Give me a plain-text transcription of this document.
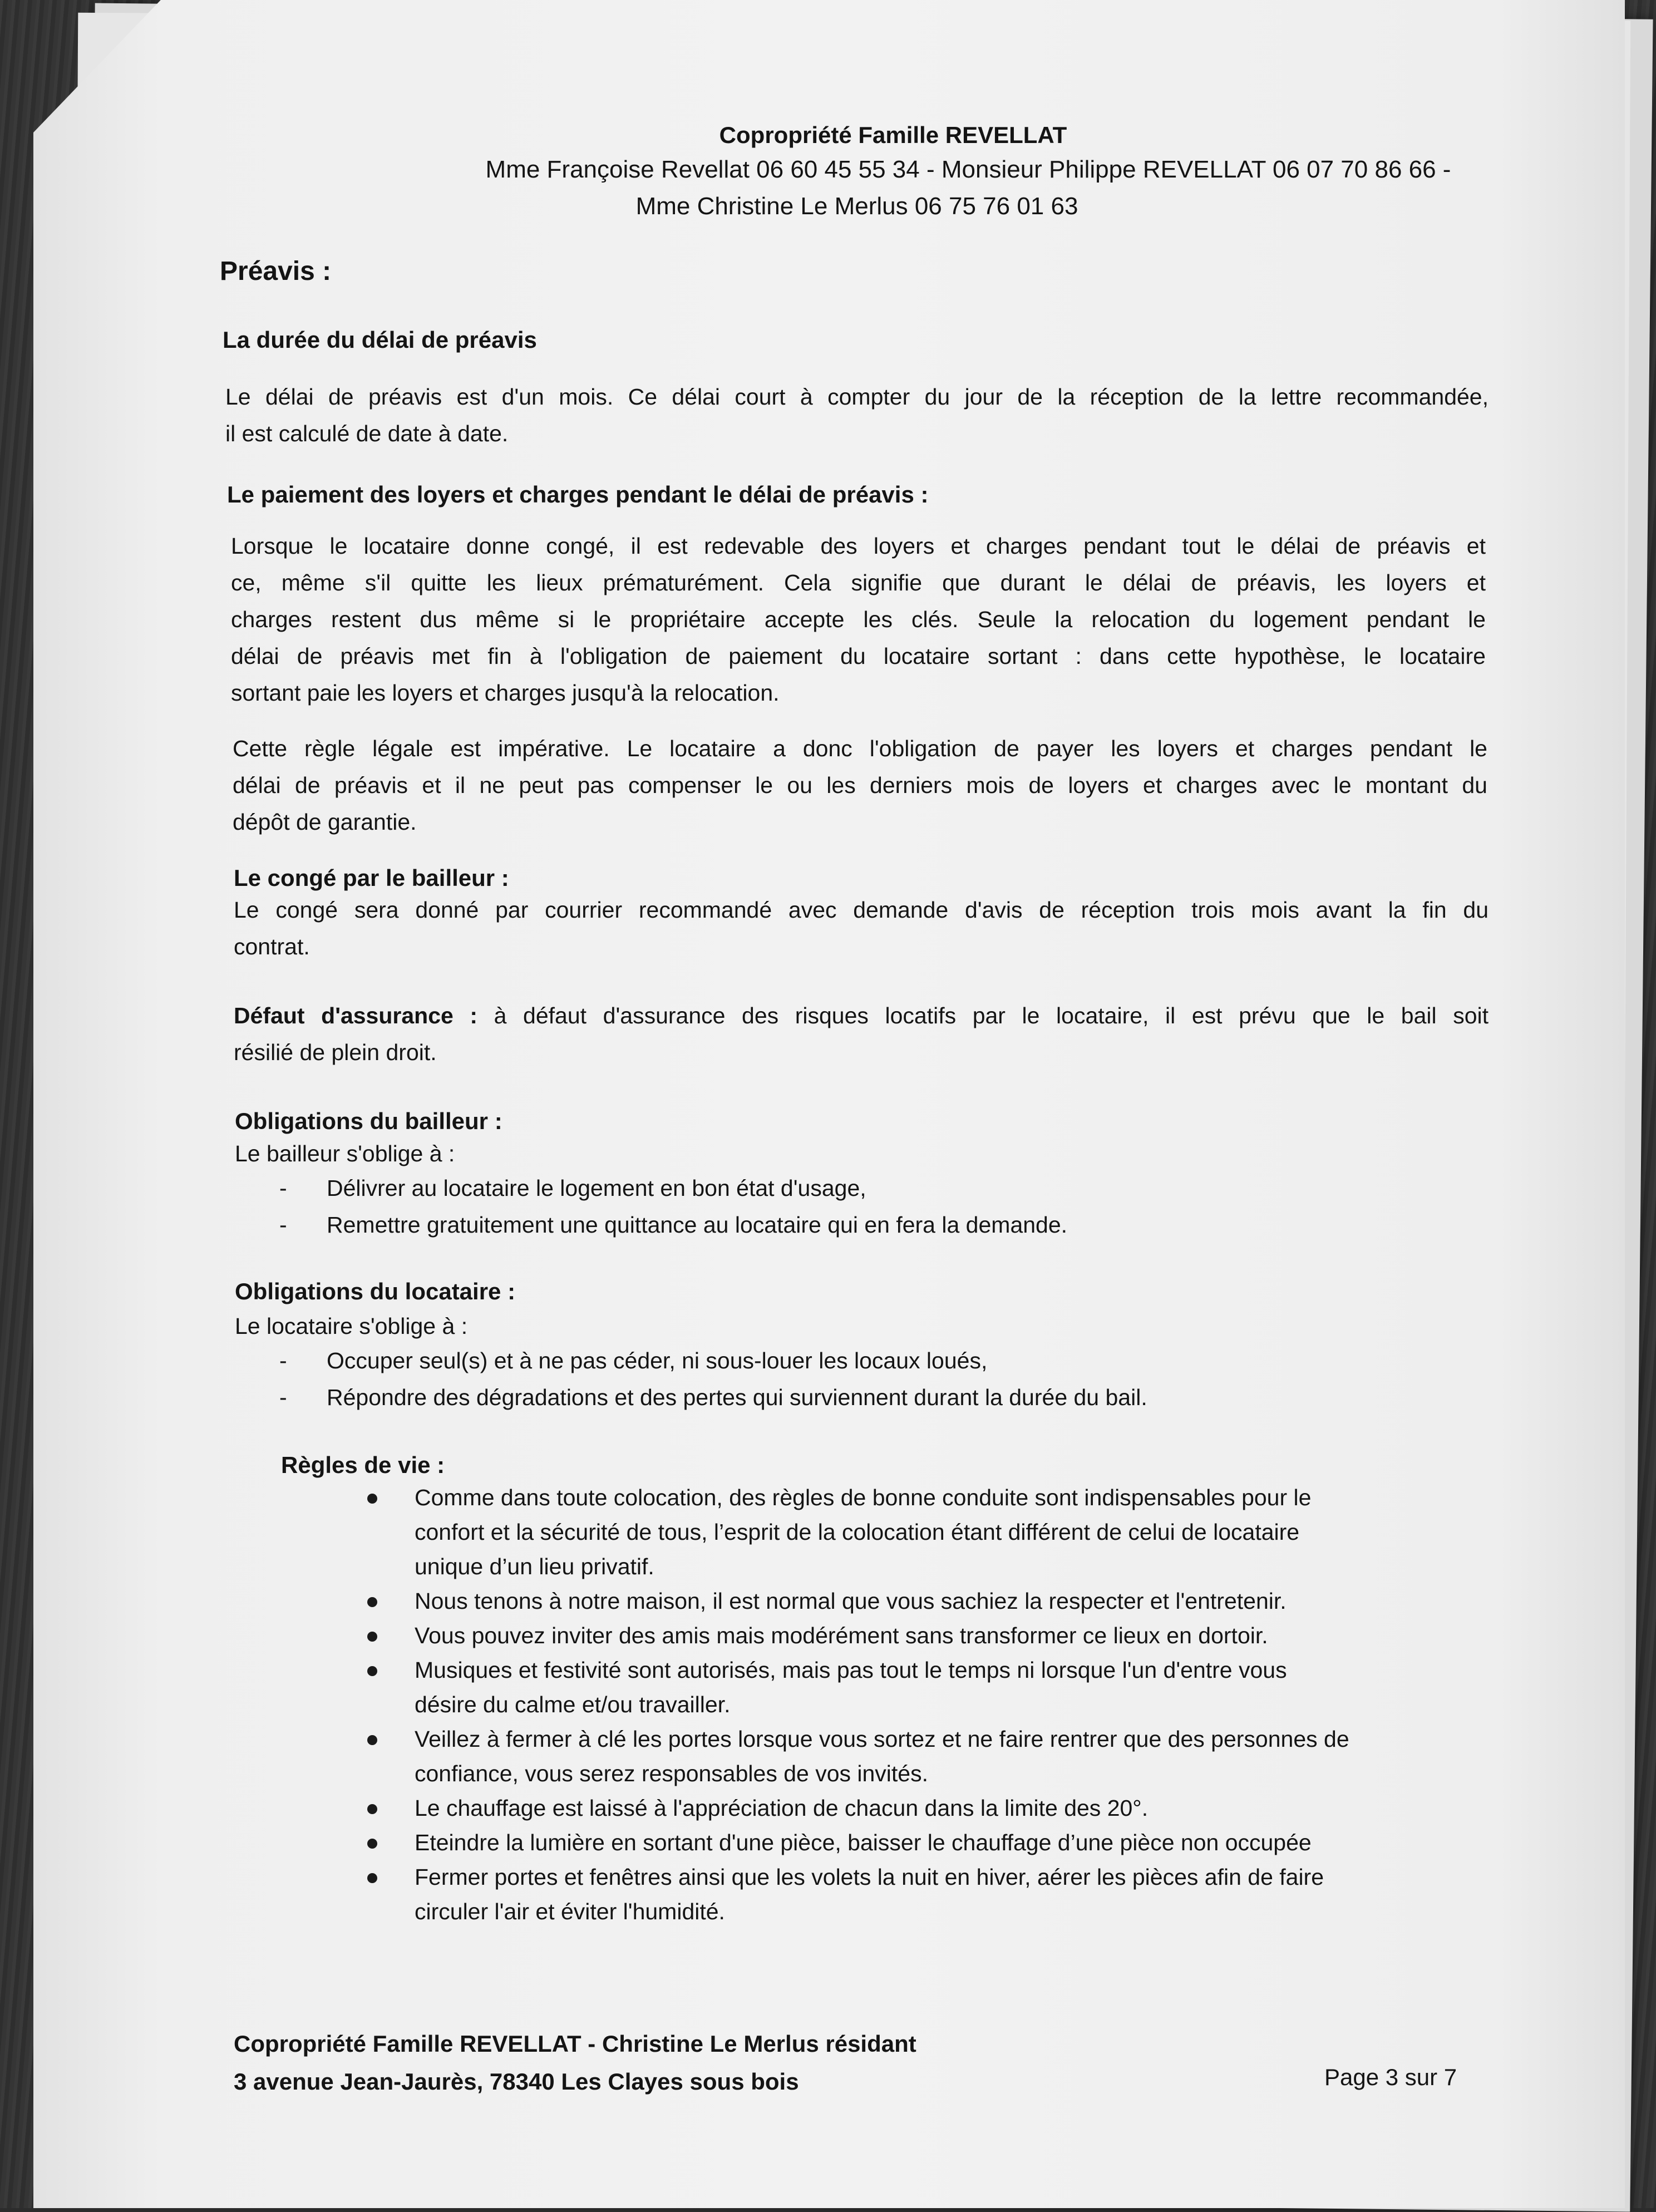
Copropriété Famille REVELLAT
Mme Françoise Revellat 06 60 45 55 34 - Monsieur Philippe REVELLAT 06 07 70 86 66 -
Mme Christine Le Merlus 06 75 76 01 63
Préavis :
La durée du délai de préavis
Le délai de préavis est d'un mois. Ce délai court à compter du jour de la réception de la lettre recommandée,
il est calculé de date à date.
Le paiement des loyers et charges pendant le délai de préavis :
Lorsque le locataire donne congé, il est redevable des loyers et charges pendant tout le délai de préavis et
ce, même s'il quitte les lieux prématurément. Cela signifie que durant le délai de préavis, les loyers et
charges restent dus même si le propriétaire accepte les clés. Seule la relocation du logement pendant le
délai de préavis met fin à l'obligation de paiement du locataire sortant : dans cette hypothèse, le locataire
sortant paie les loyers et charges jusqu'à la relocation.
Cette règle légale est impérative. Le locataire a donc l'obligation de payer les loyers et charges pendant le
délai de préavis et il ne peut pas compenser le ou les derniers mois de loyers et charges avec le montant du
dépôt de garantie.
Le congé par le bailleur :
Le congé sera donné par courrier recommandé avec demande d'avis de réception trois mois avant la fin du
contrat.
Défaut d'assurance : à défaut d'assurance des risques locatifs par le locataire, il est prévu que le bail soit
résilié de plein droit.
Obligations du bailleur :
Le bailleur s'oblige à :
- Délivrer au locataire le logement en bon état d'usage,
- Remettre gratuitement une quittance au locataire qui en fera la demande.
Obligations du locataire :
Le locataire s'oblige à :
- Occuper seul(s) et à ne pas céder, ni sous-louer les locaux loués,
- Répondre des dégradations et des pertes qui surviennent durant la durée du bail.
Règles de vie :
Comme dans toute colocation, des règles de bonne conduite sont indispensables pour le
confort et la sécurité de tous, l’esprit de la colocation étant différent de celui de locataire
unique d’un lieu privatif.
Nous tenons à notre maison, il est normal que vous sachiez la respecter et l'entretenir.
Vous pouvez inviter des amis mais modérément sans transformer ce lieux en dortoir.
Musiques et festivité sont autorisés, mais pas tout le temps ni lorsque l'un d'entre vous
désire du calme et/ou travailler.
Veillez à fermer à clé les portes lorsque vous sortez et ne faire rentrer que des personnes de
confiance, vous serez responsables de vos invités.
Le chauffage est laissé à l'appréciation de chacun dans la limite des 20°.
Eteindre la lumière en sortant d'une pièce, baisser le chauffage d’une pièce non occupée
Fermer portes et fenêtres ainsi que les volets la nuit en hiver, aérer les pièces afin de faire
circuler l'air et éviter l'humidité.
Copropriété Famille REVELLAT - Christine Le Merlus résidant
3 avenue Jean-Jaurès, 78340 Les Clayes sous bois	Page 3 sur 7
